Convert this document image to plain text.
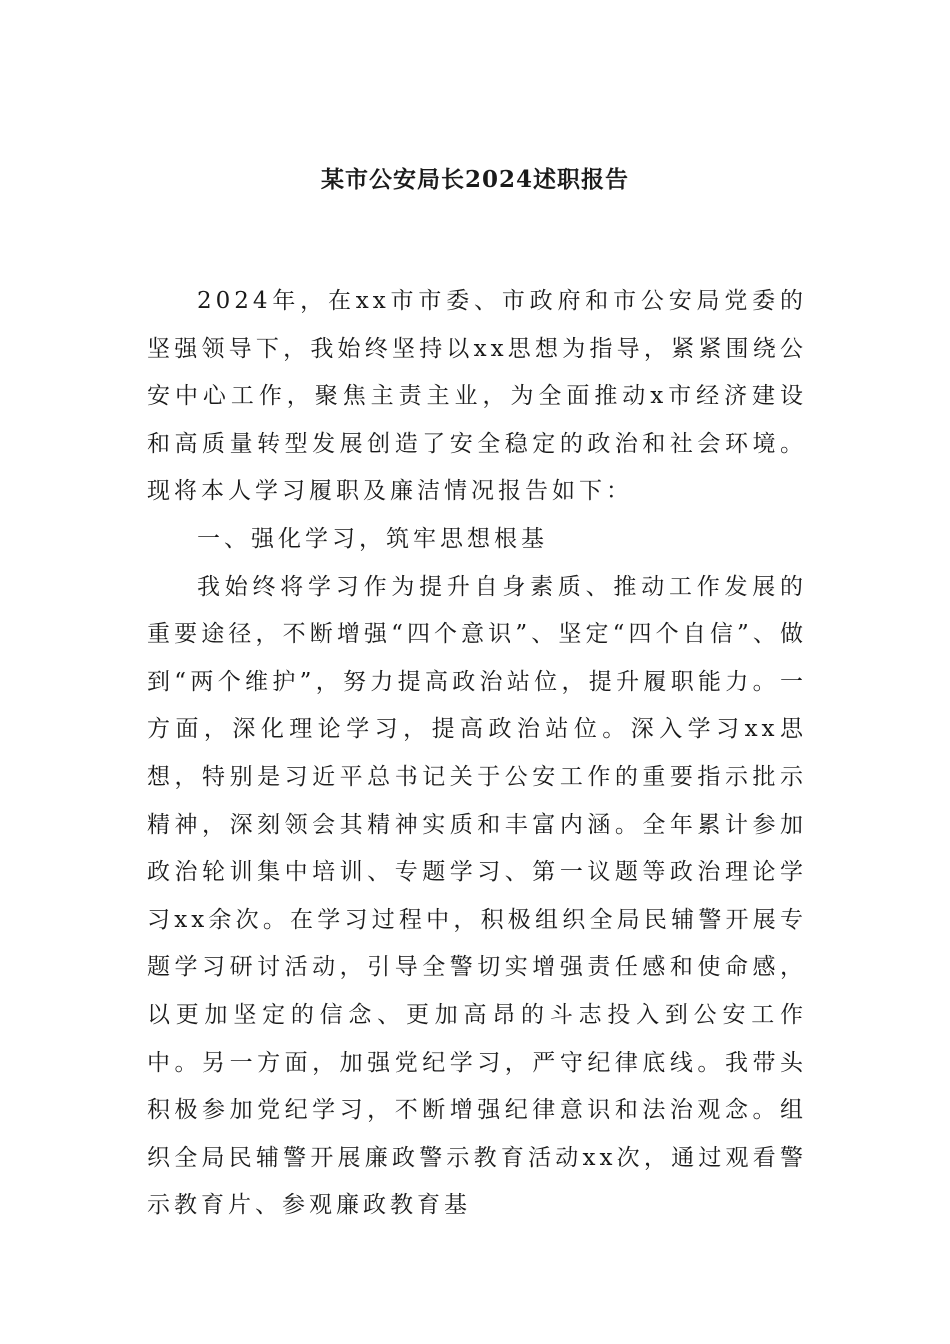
某市公安局长2024述职报告

2024年，在xx市市委、市政府和市公安局党委的坚强领导下，我始终坚持以xx思想为指导，紧紧围绕公安中心工作，聚焦主责主业，为全面推动x市经济建设和高质量转型发展创造了安全稳定的政治和社会环境。现将本人学习履职及廉洁情况报告如下：

一、强化学习，筑牢思想根基

我始终将学习作为提升自身素质、推动工作发展的重要途径，不断增强“四个意识”、坚定“四个自信”、做到“两个维护”，努力提高政治站位，提升履职能力。一方面，深化理论学习，提高政治站位。深入学习xx思想，特别是习近平总书记关于公安工作的重要指示批示精神，深刻领会其精神实质和丰富内涵。全年累计参加政治轮训集中培训、专题学习、第一议题等政治理论学习xx余次。在学习过程中，积极组织全局民辅警开展专题学习研讨活动，引导全警切实增强责任感和使命感，以更加坚定的信念、更加高昂的斗志投入到公安工作中。另一方面，加强党纪学习，严守纪律底线。我带头积极参加党纪学习，不断增强纪律意识和法治观念。组织全局民辅警开展廉政警示教育活动xx次，通过观看警示教育片、参观廉政教育基
